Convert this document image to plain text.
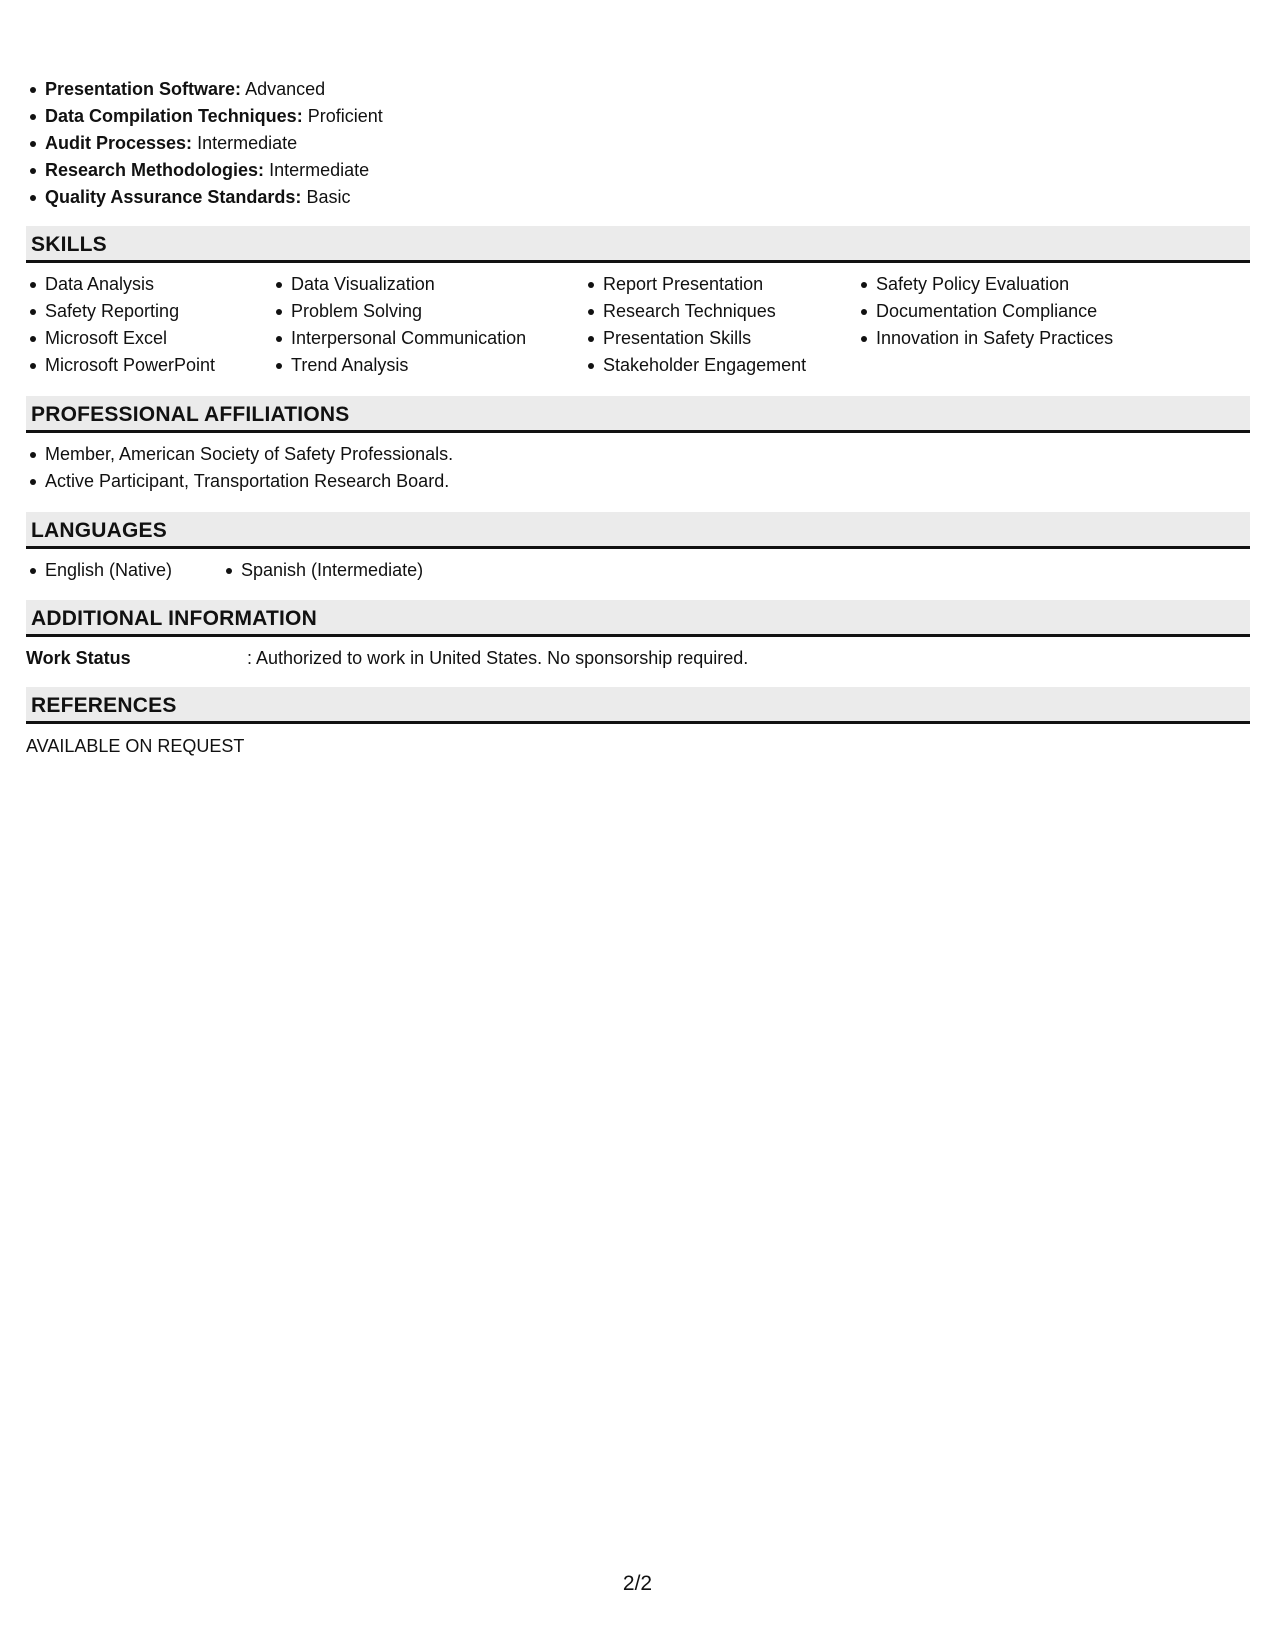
Presentation Software: Advanced
Data Compilation Techniques: Proficient
Audit Processes: Intermediate
Research Methodologies: Intermediate
Quality Assurance Standards: Basic
SKILLS
Data Analysis
Safety Reporting
Microsoft Excel
Microsoft PowerPoint
Data Visualization
Problem Solving
Interpersonal Communication
Trend Analysis
Report Presentation
Research Techniques
Presentation Skills
Stakeholder Engagement
Safety Policy Evaluation
Documentation Compliance
Innovation in Safety Practices
PROFESSIONAL AFFILIATIONS
Member, American Society of Safety Professionals.
Active Participant, Transportation Research Board.
LANGUAGES
English (Native)	Spanish (Intermediate)
ADDITIONAL INFORMATION
Work Status	: Authorized to work in United States. No sponsorship required.
REFERENCES
AVAILABLE ON REQUEST
2/2
